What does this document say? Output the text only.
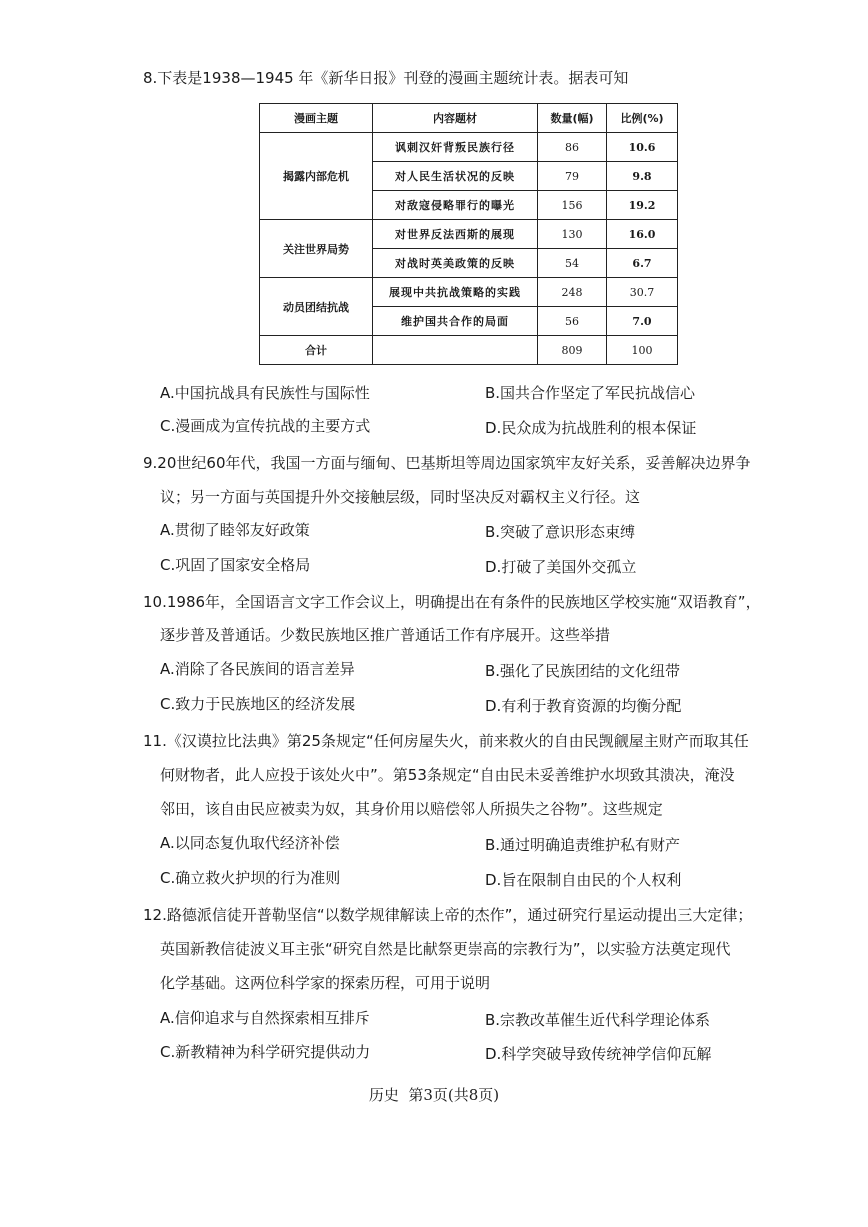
8.下表是1938—1945 年《新华日报》刊登的漫画主题统计表。据表可知
漫画主题	内容题材	数量(幅)	比例(%)
揭露内部危机	讽刺汉奸背叛民族行径	86	10.6
	对人民生活状况的反映	79	9.8
	对敌寇侵略罪行的曝光	156	19.2
关注世界局势	对世界反法西斯的展现	130	16.0
	对战时英美政策的反映	54	6.7
动员团结抗战	展现中共抗战策略的实践	248	30.7
	维护国共合作的局面	56	7.0
合计		809	100
A.中国抗战具有民族性与国际性	B.国共合作坚定了军民抗战信心
C.漫画成为宣传抗战的主要方式	D.民众成为抗战胜利的根本保证
9.20世纪60年代，我国一方面与缅甸、巴基斯坦等周边国家筑牢友好关系，妥善解决边界争
议；另一方面与英国提升外交接触层级，同时坚决反对霸权主义行径。这
A.贯彻了睦邻友好政策	B.突破了意识形态束缚
C.巩固了国家安全格局	D.打破了美国外交孤立
10.1986年，全国语言文字工作会议上，明确提出在有条件的民族地区学校实施“双语教育”，
逐步普及普通话。少数民族地区推广普通话工作有序展开。这些举措
A.消除了各民族间的语言差异	B.强化了民族团结的文化纽带
C.致力于民族地区的经济发展	D.有利于教育资源的均衡分配
11.《汉谟拉比法典》第25条规定“任何房屋失火，前来救火的自由民觊觎屋主财产而取其任
何财物者，此人应投于该处火中”。第53条规定“自由民未妥善维护水坝致其溃决，淹没
邻田，该自由民应被卖为奴，其身价用以赔偿邻人所损失之谷物”。这些规定
A.以同态复仇取代经济补偿	B.通过明确追责维护私有财产
C.确立救火护坝的行为准则	D.旨在限制自由民的个人权利
12.路德派信徒开普勒坚信“以数学规律解读上帝的杰作”，通过研究行星运动提出三大定律；
英国新教信徒波义耳主张“研究自然是比献祭更崇高的宗教行为”，以实验方法奠定现代
化学基础。这两位科学家的探索历程，可用于说明
A.信仰追求与自然探索相互排斥	B.宗教改革催生近代科学理论体系
C.新教精神为科学研究提供动力	D.科学突破导致传统神学信仰瓦解
历史  第3页(共8页)
